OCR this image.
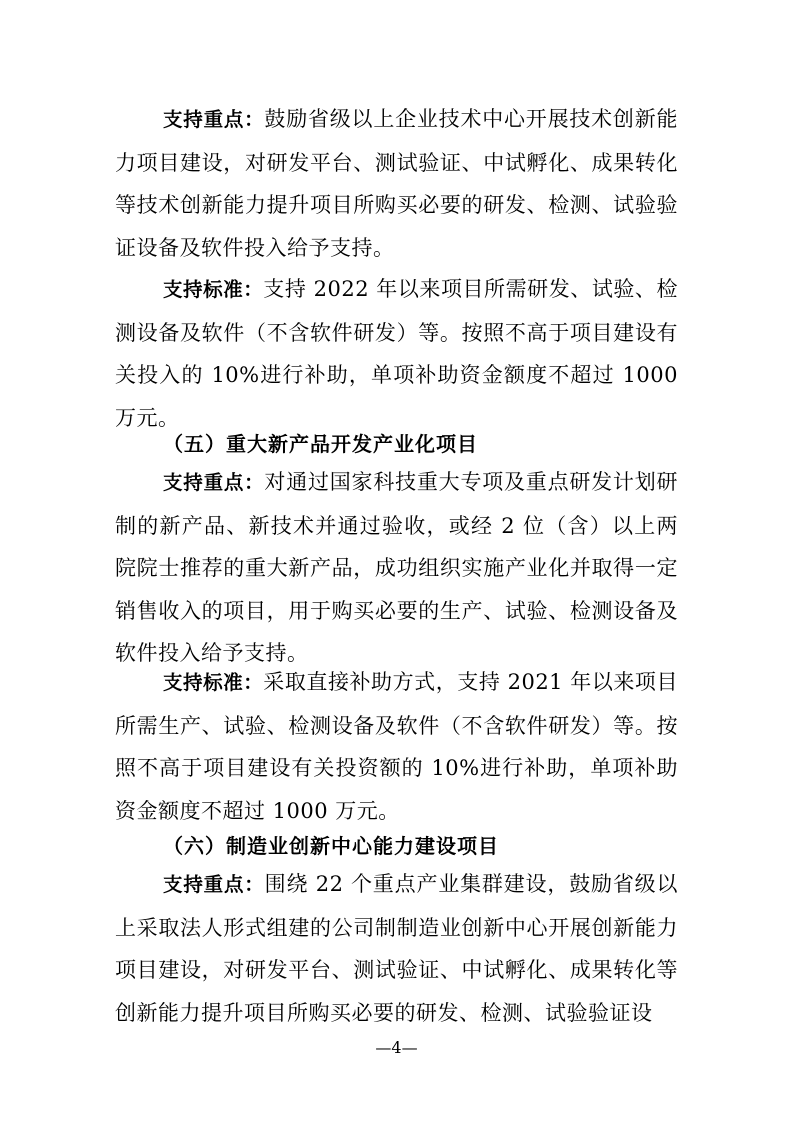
支持重点：鼓励省级以上企业技术中心开展技术创新能力项目建设，对研发平台、测试验证、中试孵化、成果转化等技术创新能力提升项目所购买必要的研发、检测、试验验证设备及软件投入给予支持。

支持标准：支持 2022 年以来项目所需研发、试验、检测设备及软件（不含软件研发）等。按照不高于项目建设有关投入的 10%进行补助，单项补助资金额度不超过 1000 万元。

（五）重大新产品开发产业化项目

支持重点：对通过国家科技重大专项及重点研发计划研制的新产品、新技术并通过验收，或经 2 位（含）以上两院院士推荐的重大新产品，成功组织实施产业化并取得一定销售收入的项目，用于购买必要的生产、试验、检测设备及软件投入给予支持。

支持标准：采取直接补助方式，支持 2021 年以来项目所需生产、试验、检测设备及软件（不含软件研发）等。按照不高于项目建设有关投资额的 10%进行补助，单项补助资金额度不超过 1000 万元。

（六）制造业创新中心能力建设项目

支持重点：围绕 22 个重点产业集群建设，鼓励省级以上采取法人形式组建的公司制制造业创新中心开展创新能力项目建设，对研发平台、测试验证、中试孵化、成果转化等创新能力提升项目所购买必要的研发、检测、试验验证设

—4—
